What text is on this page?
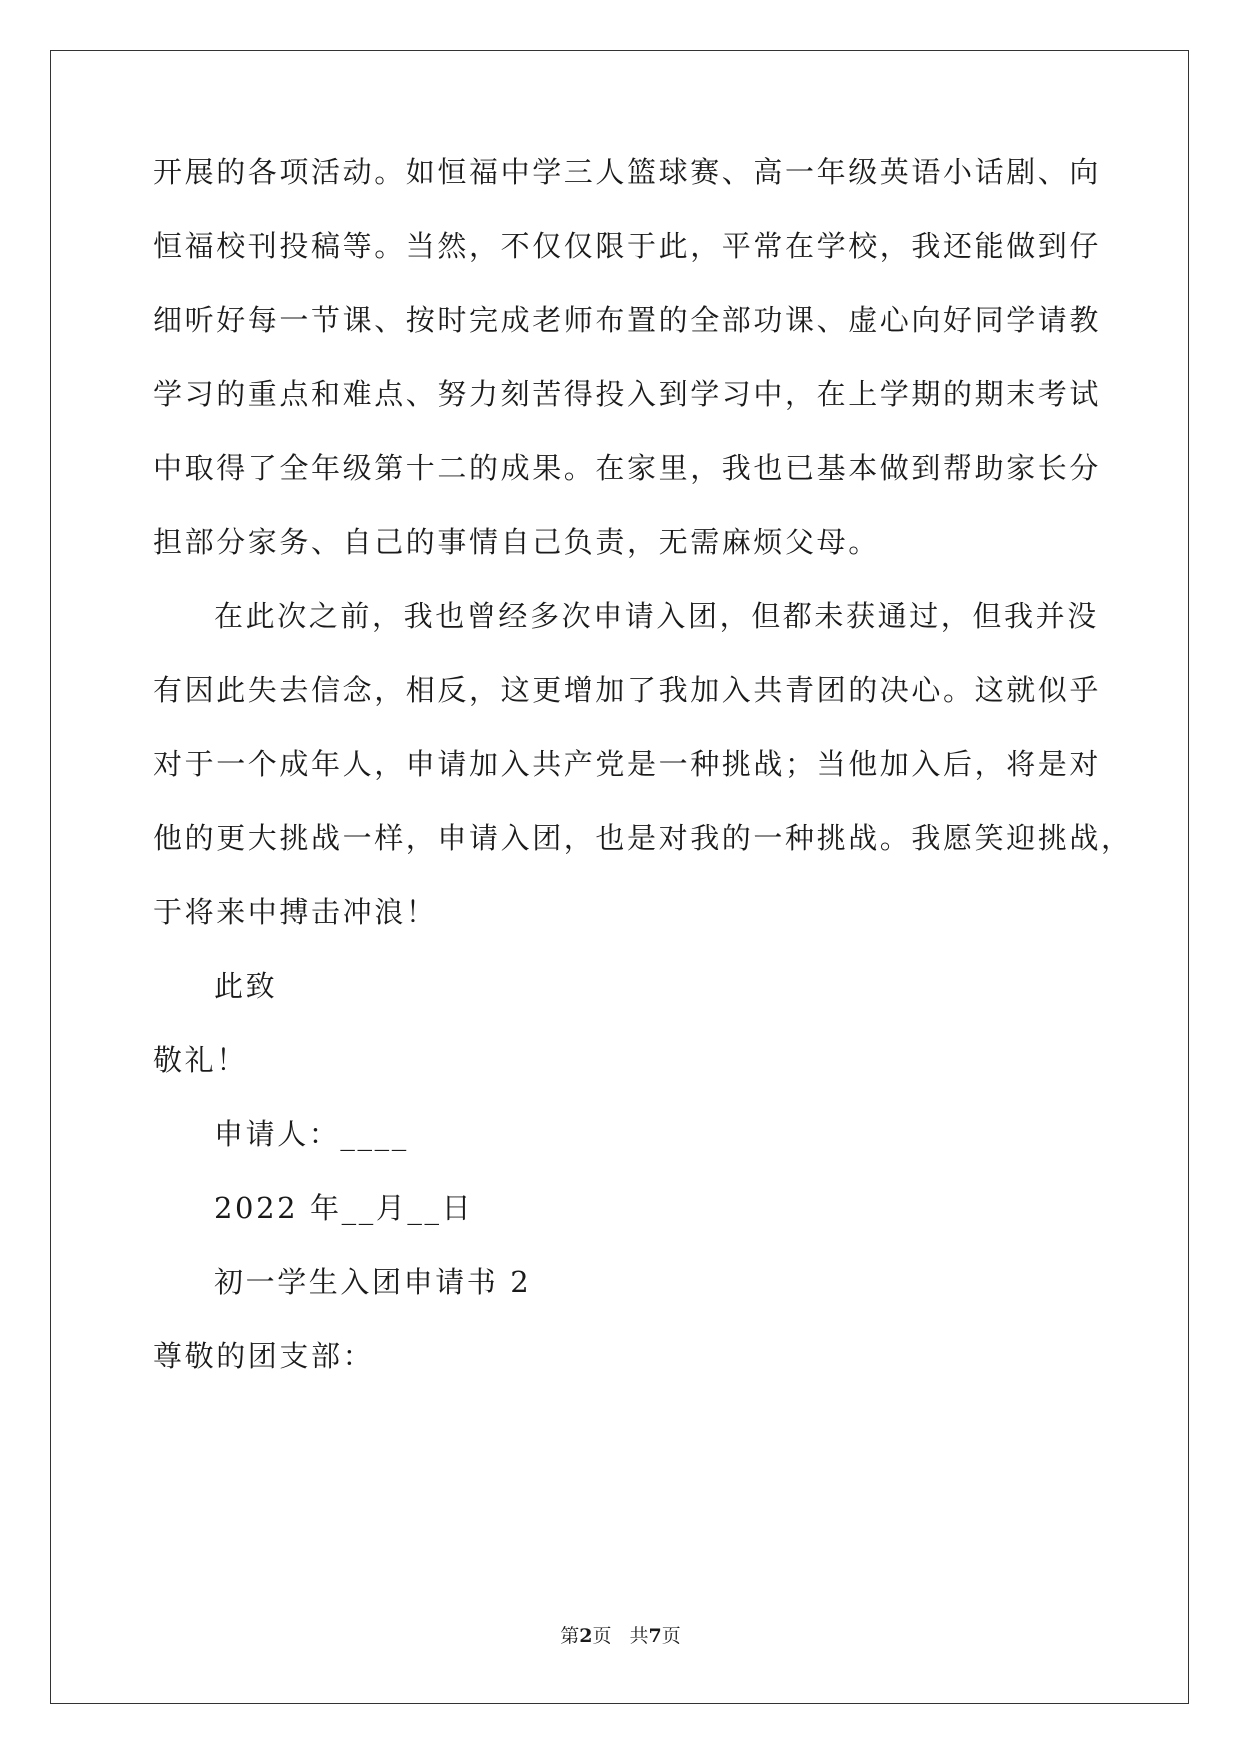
开展的各项活动。如恒福中学三人篮球赛、高一年级英语小话剧、向
恒福校刊投稿等。当然，不仅仅限于此，平常在学校，我还能做到仔
细听好每一节课、按时完成老师布置的全部功课、虚心向好同学请教
学习的重点和难点、努力刻苦得投入到学习中，在上学期的期末考试
中取得了全年级第十二的成果。在家里，我也已基本做到帮助家长分
担部分家务、自己的事情自己负责，无需麻烦父母。
在此次之前，我也曾经多次申请入团，但都未获通过，但我并没
有因此失去信念，相反，这更增加了我加入共青团的决心。这就似乎
对于一个成年人，申请加入共产党是一种挑战；当他加入后，将是对
他的更大挑战一样，申请入团，也是对我的一种挑战。我愿笑迎挑战，
于将来中搏击冲浪！
此致
敬礼！
申请人：____
2022 年__月__日
初一学生入团申请书 2
尊敬的团支部：
第2页 共7页
